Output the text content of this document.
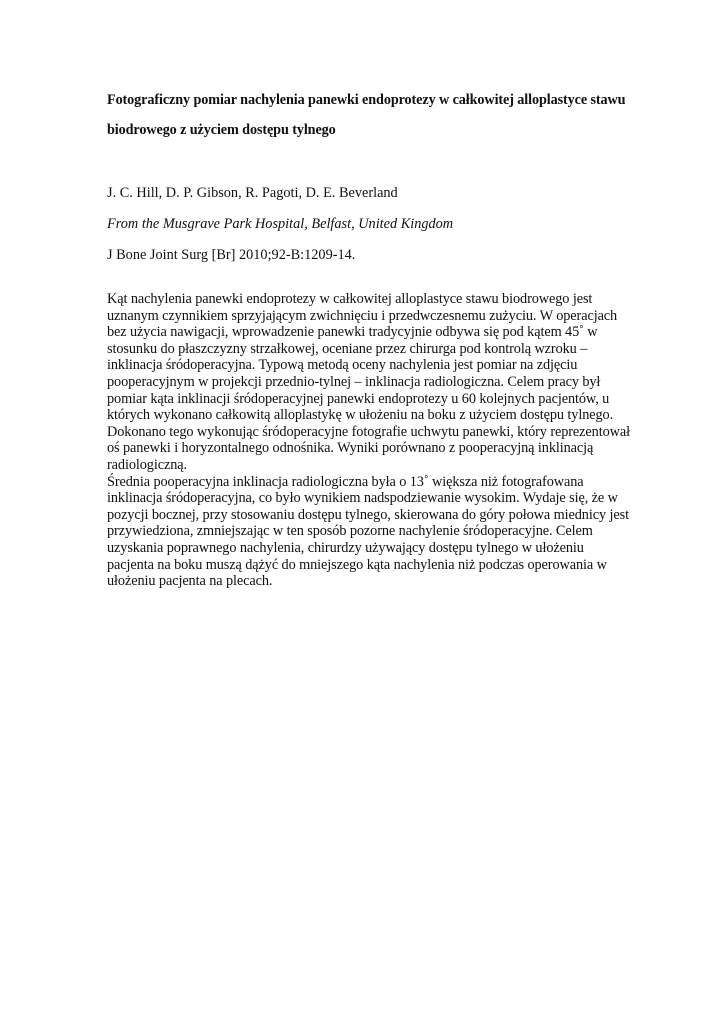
Fotograficzny pomiar nachylenia panewki endoprotezy w całkowitej alloplastyce stawu biodrowego z użyciem dostępu tylnego

J. C. Hill, D. P. Gibson, R. Pagoti, D. E. Beverland

From the Musgrave Park Hospital, Belfast, United Kingdom

J Bone Joint Surg [Br] 2010;92-B:1209-14.

Kąt nachylenia panewki endoprotezy w całkowitej alloplastyce stawu biodrowego jest uznanym czynnikiem sprzyjającym zwichnięciu i przedwczesnemu zużyciu. W operacjach bez użycia nawigacji, wprowadzenie panewki tradycyjnie odbywa się pod kątem 45˚ w stosunku do płaszczyzny strzałkowej, oceniane przez chirurga pod kontrolą wzroku – inklinacja śródoperacyjna. Typową metodą oceny nachylenia jest pomiar na zdjęciu pooperacyjnym w projekcji przednio-tylnej – inklinacja radiologiczna. Celem pracy był pomiar kąta inklinacji śródoperacyjnej panewki endoprotezy u 60 kolejnych pacjentów, u których wykonano całkowitą alloplastykę w ułożeniu na boku z użyciem dostępu tylnego. Dokonano tego wykonując śródoperacyjne fotografie uchwytu panewki, który reprezentował oś panewki i horyzontalnego odnośnika. Wyniki porównano z pooperacyjną inklinacją radiologiczną.

Średnia pooperacyjna inklinacja radiologiczna była o 13˚ większa niż fotografowana inklinacja śródoperacyjna, co było wynikiem nadspodziewanie wysokim. Wydaje się, że w pozycji bocznej, przy stosowaniu dostępu tylnego, skierowana do góry połowa miednicy jest przywiedziona, zmniejszając w ten sposób pozorne nachylenie śródoperacyjne. Celem uzyskania poprawnego nachylenia, chirurdzy używający dostępu tylnego w ułożeniu pacjenta na boku muszą dążyć do mniejszego kąta nachylenia niż podczas operowania w ułożeniu pacjenta na plecach.
